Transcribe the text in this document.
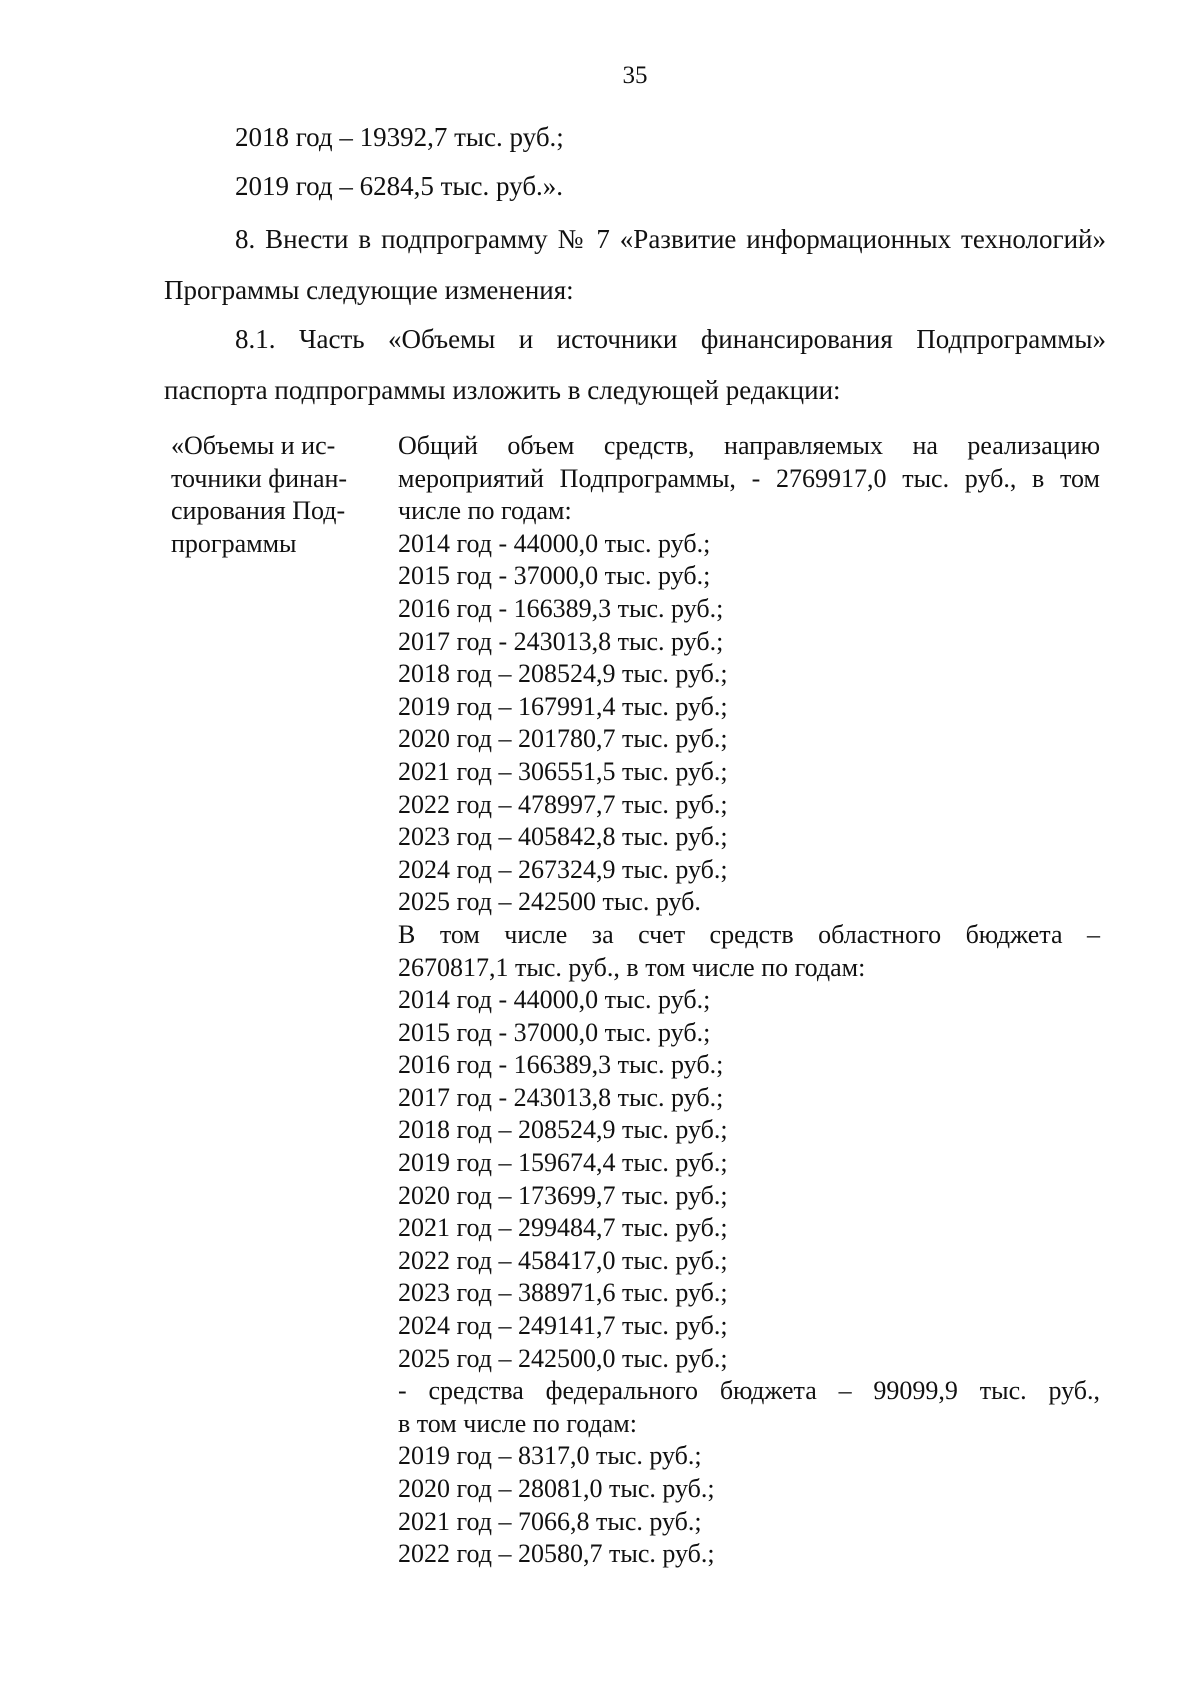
35
2018 год – 19392,7 тыс. руб.;
2019 год – 6284,5 тыс. руб.».
8. Внести в подпрограмму № 7 «Развитие информационных технологий»
Программы следующие изменения:
8.1. Часть «Объемы и источники финансирования Подпрограммы»
паспорта подпрограммы изложить в следующей редакции:
«Объемы и ис-
точники финан-
сирования Под-
программы
Общий объем средств, направляемых на реализацию
мероприятий Подпрограммы, - 2769917,0 тыс. руб., в том
числе по годам:
2014 год - 44000,0 тыс. руб.;
2015 год - 37000,0 тыс. руб.;
2016 год - 166389,3 тыс. руб.;
2017 год - 243013,8 тыс. руб.;
2018 год – 208524,9 тыс. руб.;
2019 год – 167991,4 тыс. руб.;
2020 год – 201780,7 тыс. руб.;
2021 год – 306551,5 тыс. руб.;
2022 год – 478997,7 тыс. руб.;
2023 год – 405842,8 тыс. руб.;
2024 год – 267324,9 тыс. руб.;
2025 год – 242500 тыс. руб.
В том числе за счет средств областного бюджета –
2670817,1 тыс. руб., в том числе по годам:
2014 год - 44000,0 тыс. руб.;
2015 год - 37000,0 тыс. руб.;
2016 год - 166389,3 тыс. руб.;
2017 год - 243013,8 тыс. руб.;
2018 год – 208524,9 тыс. руб.;
2019 год – 159674,4 тыс. руб.;
2020 год – 173699,7 тыс. руб.;
2021 год – 299484,7 тыс. руб.;
2022 год – 458417,0 тыс. руб.;
2023 год – 388971,6 тыс. руб.;
2024 год – 249141,7 тыс. руб.;
2025 год – 242500,0 тыс. руб.;
- средства федерального бюджета – 99099,9 тыс. руб.,
в том числе по годам:
2019 год – 8317,0 тыс. руб.;
2020 год – 28081,0 тыс. руб.;
2021 год – 7066,8 тыс. руб.;
2022 год – 20580,7 тыс. руб.;
